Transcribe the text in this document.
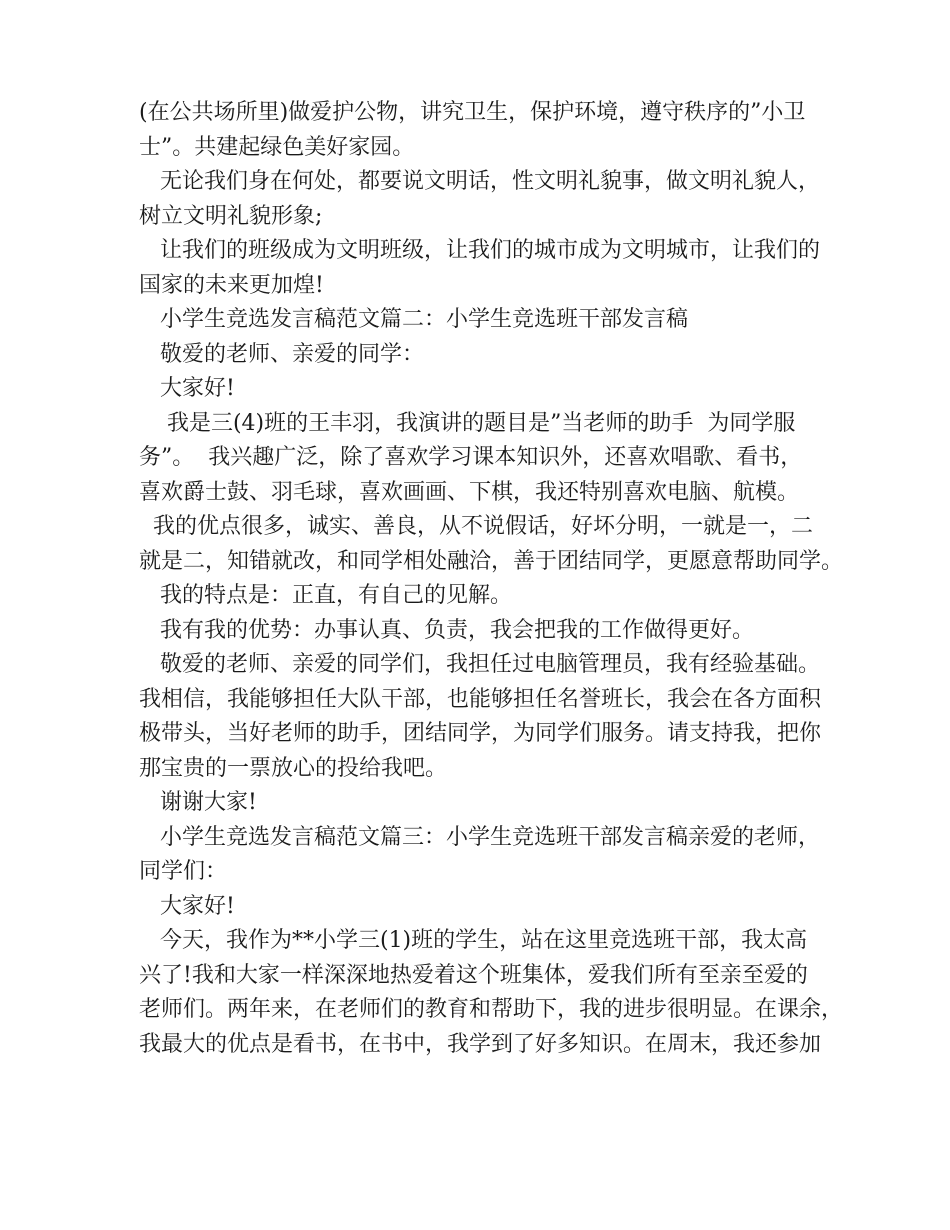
(在公共场所里)做爱护公物，讲究卫生，保护环境，遵守秩序的”小卫
士”。共建起绿色美好家园。
无论我们身在何处，都要说文明话，性文明礼貌事，做文明礼貌人，
树立文明礼貌形象;
让我们的班级成为文明班级，让我们的城市成为文明城市，让我们的
国家的未来更加煌!
小学生竞选发言稿范文篇二：小学生竞选班干部发言稿
敬爱的老师、亲爱的同学：
大家好!
我是三(4)班的王丰羽，我演讲的题目是”当老师的助手  为同学服
务”。  我兴趣广泛，除了喜欢学习课本知识外，还喜欢唱歌、看书，
喜欢爵士鼓、羽毛球，喜欢画画、下棋，我还特别喜欢电脑、航模。
我的优点很多，诚实、善良，从不说假话，好坏分明，一就是一，二
就是二，知错就改，和同学相处融洽，善于团结同学，更愿意帮助同学。
我的特点是：正直，有自己的见解。
我有我的优势：办事认真、负责，我会把我的工作做得更好。
敬爱的老师、亲爱的同学们，我担任过电脑管理员，我有经验基础。
我相信，我能够担任大队干部，也能够担任名誉班长，我会在各方面积
极带头，当好老师的助手，团结同学，为同学们服务。请支持我，把你
那宝贵的一票放心的投给我吧。
谢谢大家!
小学生竞选发言稿范文篇三：小学生竞选班干部发言稿亲爱的老师，
同学们：
大家好!
今天，我作为**小学三(1)班的学生，站在这里竞选班干部，我太高
兴了!我和大家一样深深地热爱着这个班集体，爱我们所有至亲至爱的
老师们。两年来，在老师们的教育和帮助下，我的进步很明显。在课余，
我最大的优点是看书，在书中，我学到了好多知识。在周末，我还参加
